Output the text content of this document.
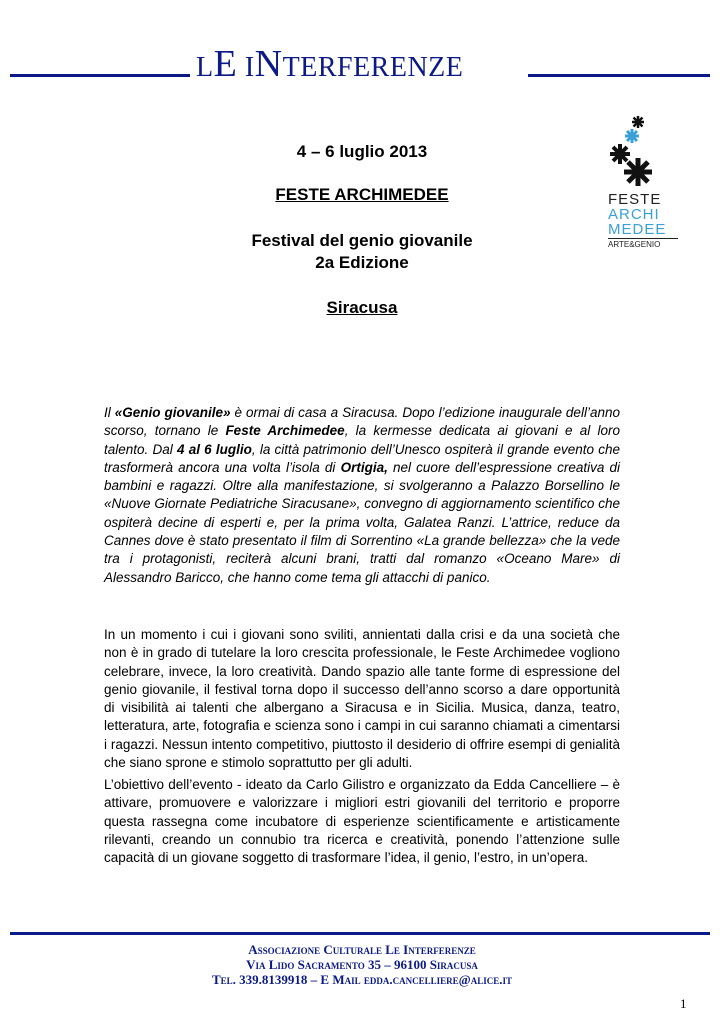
LE INTERFERENZE
4 – 6 luglio 2013
FESTE ARCHIMEDEE
Festival del genio giovanile
2a Edizione
Siracusa
FESTE
ARCHI
MEDEE
ARTE&GENIO
Il «Genio giovanile» è ormai di casa a Siracusa. Dopo l’edizione inaugurale dell’anno scorso, tornano le Feste Archimedee, la kermesse dedicata ai giovani e al loro talento. Dal 4 al 6 luglio, la città patrimonio dell’Unesco ospiterà il grande evento che trasformerà ancora una volta l’isola di Ortigia, nel cuore dell’espressione creativa di bambini e ragazzi. Oltre alla manifestazione, si svolgeranno a Palazzo Borsellino le «Nuove Giornate Pediatriche Siracusane», convegno di aggiornamento scientifico che ospiterà decine di esperti e, per la prima volta, Galatea Ranzi. L’attrice, reduce da Cannes dove è stato presentato il film di Sorrentino «La grande bellezza» che la vede tra i protagonisti, reciterà alcuni brani, tratti dal romanzo «Oceano Mare» di Alessandro Baricco, che hanno come tema gli attacchi di panico.
In un momento i cui i giovani sono sviliti, annientati dalla crisi e da una società che non è in grado di tutelare la loro crescita professionale, le Feste Archimedee vogliono celebrare, invece, la loro creatività. Dando spazio alle tante forme di espressione del genio giovanile, il festival torna dopo il successo dell’anno scorso a dare opportunità di visibilità ai talenti che albergano a Siracusa e in Sicilia. Musica, danza, teatro, letteratura, arte, fotografia e scienza sono i campi in cui saranno chiamati a cimentarsi i ragazzi. Nessun intento competitivo, piuttosto il desiderio di offrire esempi di genialità che siano sprone e stimolo soprattutto per gli adulti.
L’obiettivo dell’evento - ideato da Carlo Gilistro e organizzato da Edda Cancelliere – è attivare, promuovere e valorizzare i migliori estri giovanili del territorio e proporre questa rassegna come incubatore di esperienze scientificamente e artisticamente rilevanti, creando un connubio tra ricerca e creatività, ponendo l’attenzione sulle capacità di un giovane soggetto di trasformare l’idea, il genio, l’estro, in un’opera.
Associazione Culturale Le Interferenze
Via Lido Sacramento 35 – 96100 Siracusa
Tel. 339.8139918 – E Mail edda.cancelliere@alice.it
1
